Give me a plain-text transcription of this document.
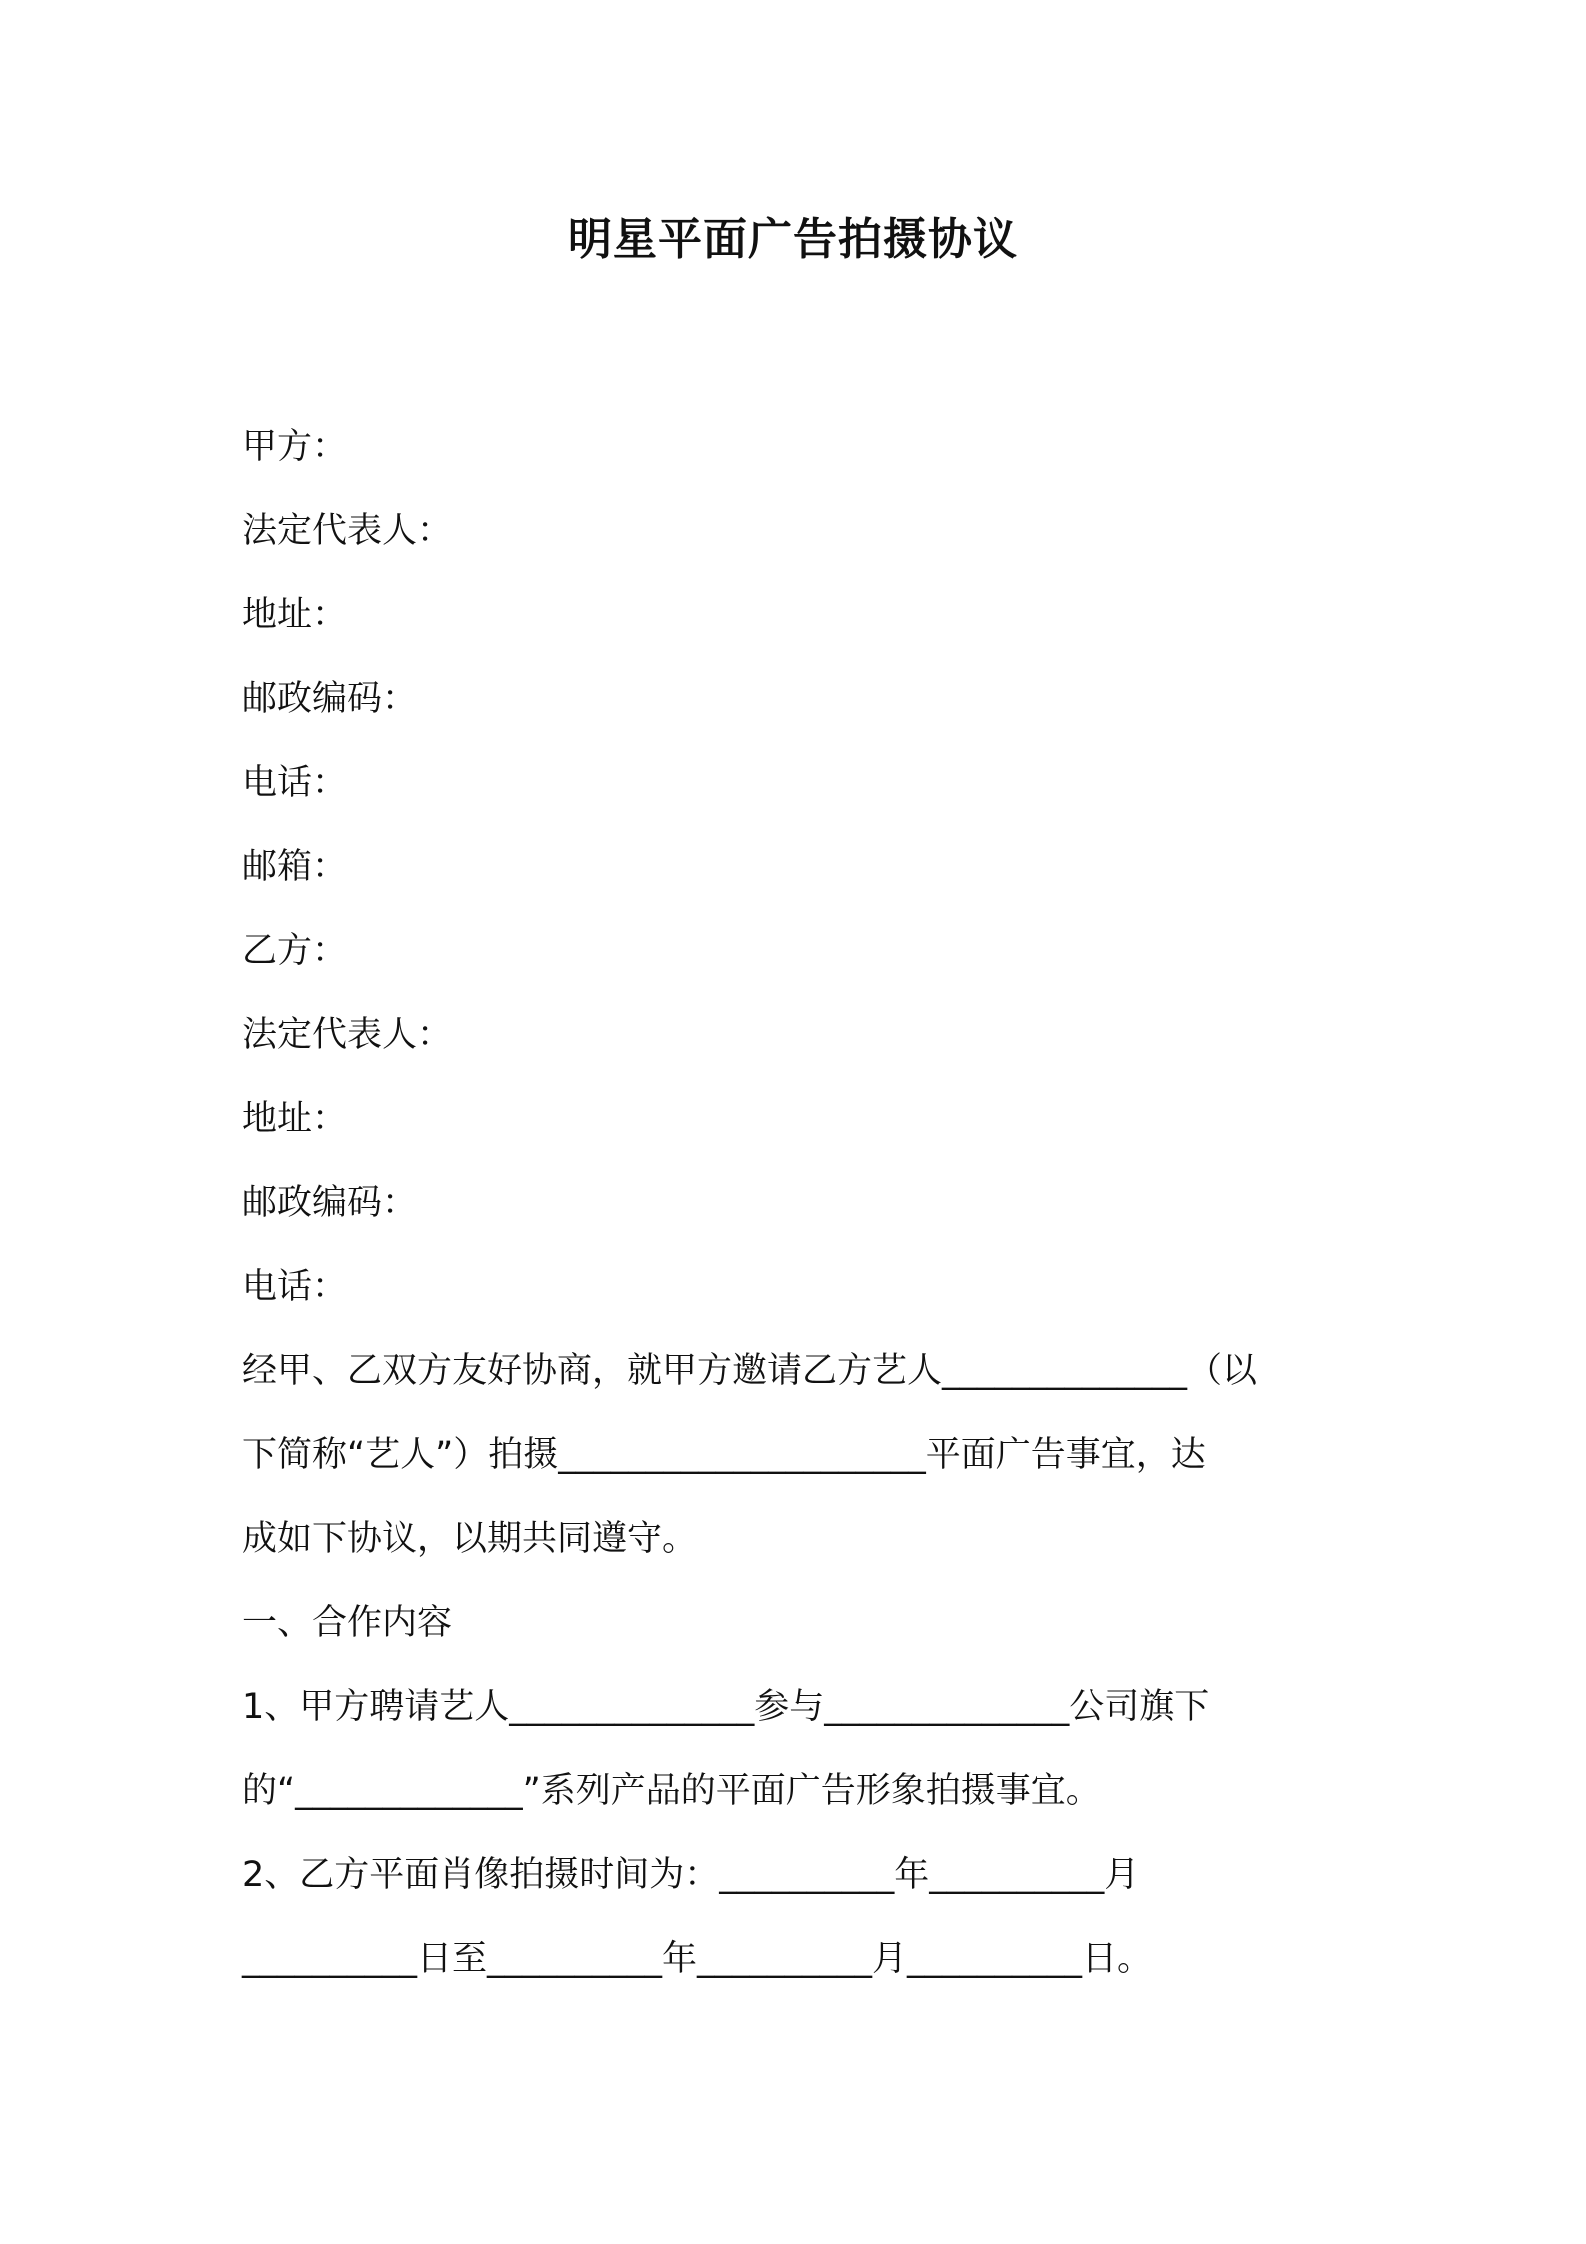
明星平面广告拍摄协议
甲方：
法定代表人：
地址：
邮政编码：
电话：
邮箱：
乙方：
法定代表人：
地址：
邮政编码：
电话：
经甲、乙双方友好协商，就甲方邀请乙方艺人______________（以
下简称“艺人”）拍摄_____________________平面广告事宜，达
成如下协议，以期共同遵守。
一、合作内容
1、甲方聘请艺人______________参与______________公司旗下
的“_____________”系列产品的平面广告形象拍摄事宜。
2、乙方平面肖像拍摄时间为：__________年__________月
__________日至__________年__________月__________日。
